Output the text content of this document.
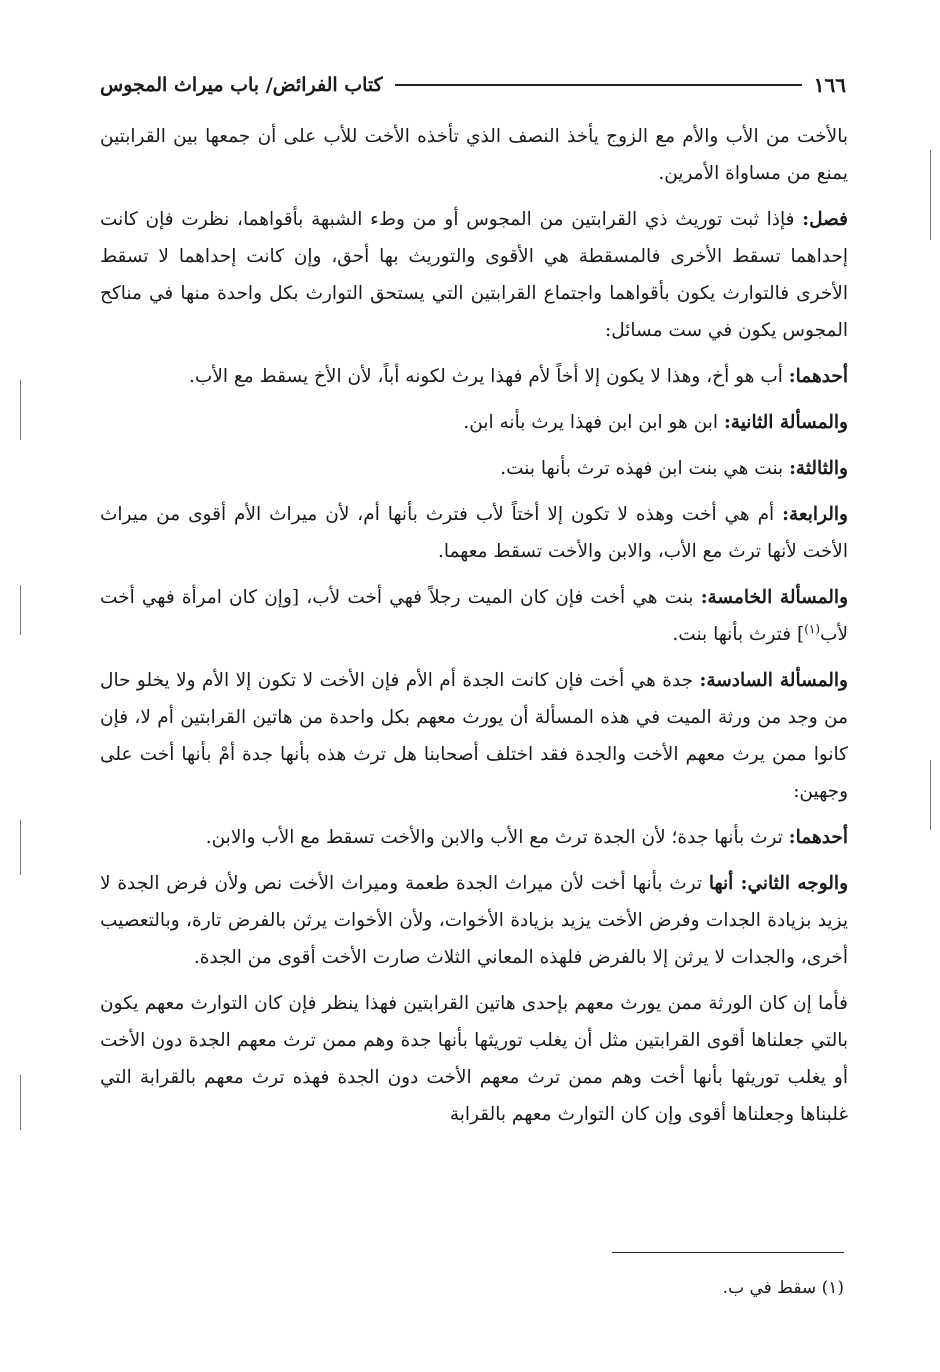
١٦٦
كتاب الفرائض/ باب ميراث المجوس

بالأخت من الأب والأم مع الزوج يأخذ النصف الذي تأخذه الأخت للأب على أن جمعها بين القرابتين يمنع من مساواة الأمرين.

فصل: فإذا ثبت توريث ذي القرابتين من المجوس أو من وطء الشبهة بأقواهما، نظرت فإن كانت إحداهما تسقط الأخرى فالمسقطة هي الأقوى والتوريث بها أحق، وإن كانت إحداهما لا تسقط الأخرى فالتوارث يكون بأقواهما واجتماع القرابتين التي يستحق التوارث بكل واحدة منها في مناكح المجوس يكون في ست مسائل:

أحدهما: أب هو أخ، وهذا لا يكون إلا أخاً لأم فهذا يرث لكونه أباً، لأن الأخ يسقط مع الأب.

والمسألة الثانية: ابن هو ابن ابن فهذا يرث بأنه ابن.

والثالثة: بنت هي بنت ابن فهذه ترث بأنها بنت.

والرابعة: أم هي أخت وهذه لا تكون إلا أختاً لأب فترث بأنها أم، لأن ميراث الأم أقوى من ميراث الأخت لأنها ترث مع الأب، والابن والأخت تسقط معهما.

والمسألة الخامسة: بنت هي أخت فإن كان الميت رجلاً فهي أخت لأب، [وإن كان امرأة فهي أخت لأب$^{(١)}$] فترث بأنها بنت.

والمسألة السادسة: جدة هي أخت فإن كانت الجدة أم الأم فإن الأخت لا تكون إلا الأم ولا يخلو حال من وجد من ورثة الميت في هذه المسألة أن يورث معهم بكل واحدة من هاتين القرابتين أم لا، فإن كانوا ممن يرث معهم الأخت والجدة فقد اختلف أصحابنا هل ترث هذه بأنها جدة أمْ بأنها أخت على وجهين:

أحدهما: ترث بأنها جدة؛ لأن الجدة ترث مع الأب والابن والأخت تسقط مع الأب والابن.

والوجه الثاني: أنها ترث بأنها أخت لأن ميراث الجدة طعمة وميراث الأخت نص ولأن فرض الجدة لا يزيد بزيادة الجدات وفرض الأخت يزيد بزيادة الأخوات، ولأن الأخوات يرثن بالفرض تارة، وبالتعصيب أخرى، والجدات لا يرثن إلا بالفرض فلهذه المعاني الثلاث صارت الأخت أقوى من الجدة.

فأما إن كان الورثة ممن يورث معهم بإحدى هاتين القرابتين فهذا ينظر فإن كان التوارث معهم يكون بالتي جعلناها أقوى القرابتين مثل أن يغلب توريثها بأنها جدة وهم ممن ترث معهم الجدة دون الأخت أو يغلب توريثها بأنها أخت وهم ممن ترث معهم الأخت دون الجدة فهذه ترث معهم بالقرابة التي غلبناها وجعلناها أقوى وإن كان التوارث معهم بالقرابة

(١) سقط في ب.
